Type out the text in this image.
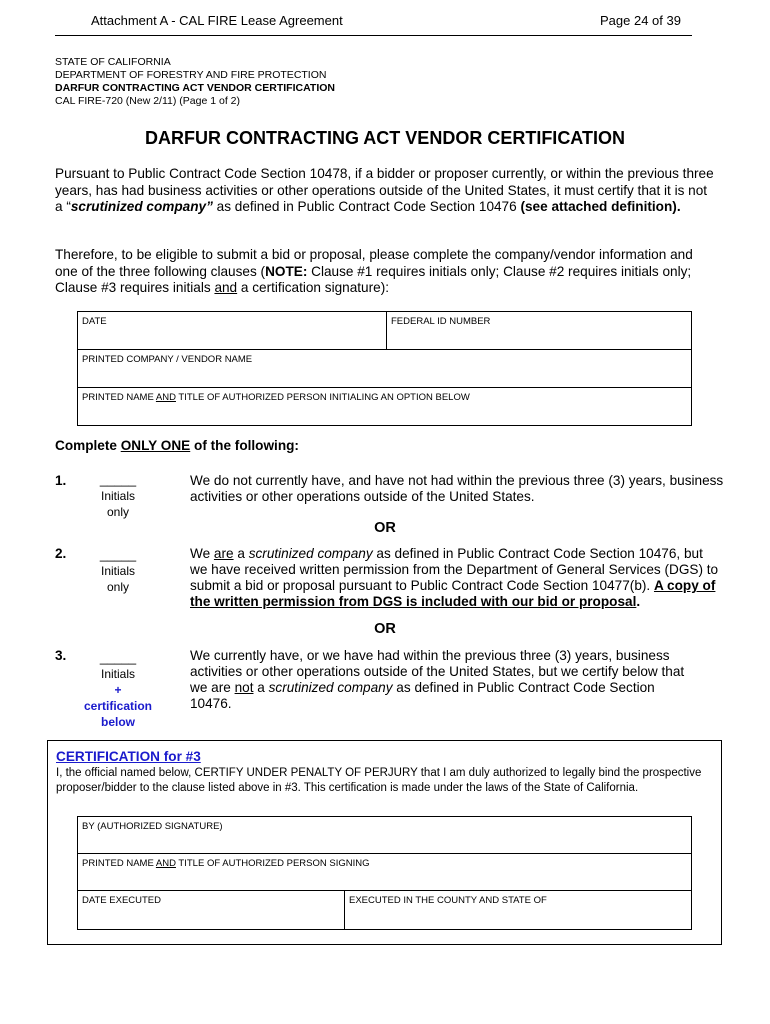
Attachment A - CAL FIRE Lease Agreement	Page 24 of 39
STATE OF CALIFORNIA
DEPARTMENT OF FORESTRY AND FIRE PROTECTION
DARFUR CONTRACTING ACT VENDOR CERTIFICATION
CAL FIRE-720 (New 2/11) (Page 1 of 2)
DARFUR CONTRACTING ACT VENDOR CERTIFICATION
Pursuant to Public Contract Code Section 10478, if a bidder or proposer currently, or within the previous three years, has had business activities or other operations outside of the United States, it must certify that it is not a “scrutinized company” as defined in Public Contract Code Section 10476 (see attached definition).
Therefore, to be eligible to submit a bid or proposal, please complete the company/vendor information and one of the three following clauses (NOTE: Clause #1 requires initials only; Clause #2 requires initials only; Clause #3 requires initials and a certification signature):
DATE	FEDERAL ID NUMBER
PRINTED COMPANY / VENDOR NAME
PRINTED NAME AND TITLE OF AUTHORIZED PERSON INITIALING AN OPTION BELOW
Complete ONLY ONE of the following:
1.	_____
Initials
only
We do not currently have, and have not had within the previous three (3) years, business activities or other operations outside of the United States.
OR
2.	_____
Initials
only
We are a scrutinized company as defined in Public Contract Code Section 10476, but we have received written permission from the Department of General Services (DGS) to submit a bid or proposal pursuant to Public Contract Code Section 10477(b). A copy of the written permission from DGS is included with our bid or proposal.
OR
3.	_____
Initials
+
certification
below
We currently have, or we have had within the previous three (3) years, business activities or other operations outside of the United States, but we certify below that we are not a scrutinized company as defined in Public Contract Code Section 10476.
CERTIFICATION for #3
I, the official named below, CERTIFY UNDER PENALTY OF PERJURY that I am duly authorized to legally bind the prospective proposer/bidder to the clause listed above in #3. This certification is made under the laws of the State of California.
BY (AUTHORIZED SIGNATURE)
PRINTED NAME AND TITLE OF AUTHORIZED PERSON SIGNING
DATE EXECUTED	EXECUTED IN THE COUNTY AND STATE OF
